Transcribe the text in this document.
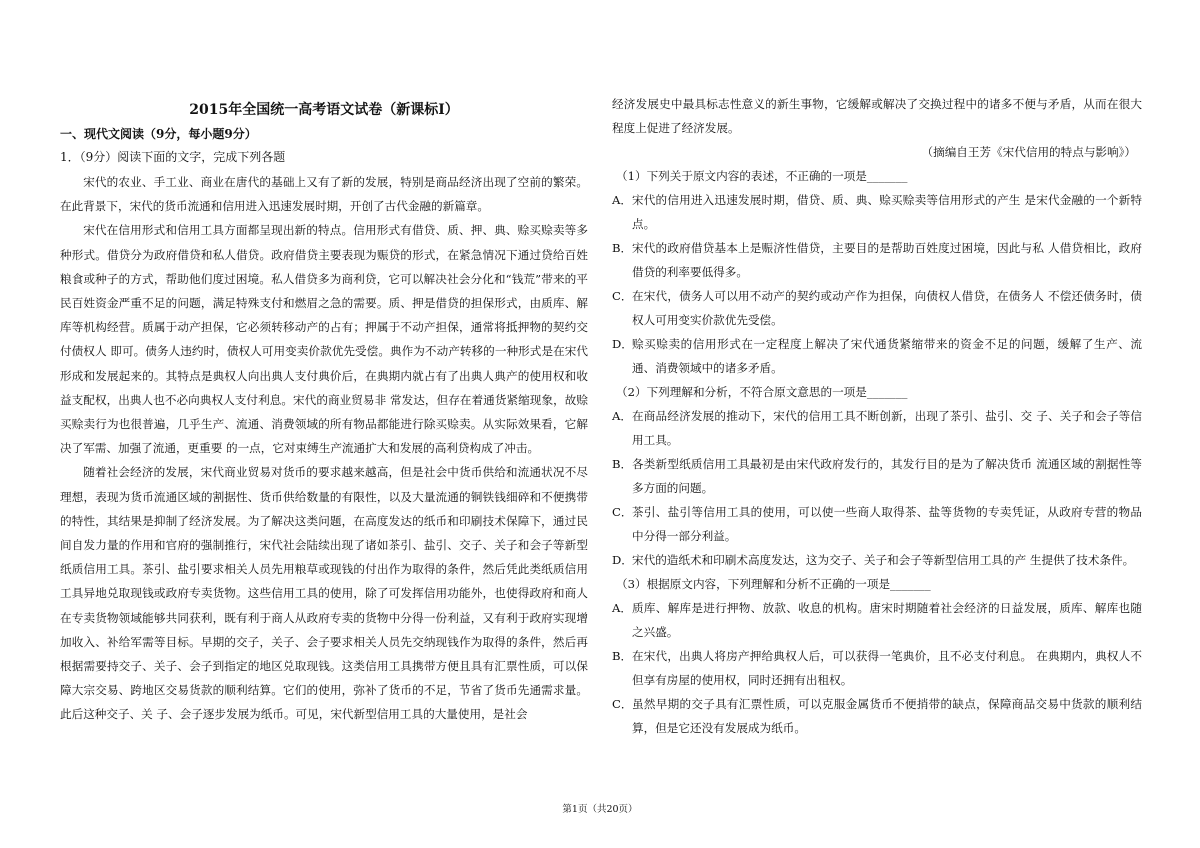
2015年全国统一高考语文试卷（新课标I）
一、现代文阅读（9分，每小题9分）
1．（9分）阅读下面的文字，完成下列各题

宋代的农业、手工业、商业在唐代的基础上又有了新的发展，特别是商品经济出现了空前的繁荣。在此背景下，宋代的货币流通和信用进入迅速发展时期，开创了古代金融的新篇章。

宋代在信用形式和信用工具方面都呈现出新的特点。信用形式有借贷、质、押、典、赊买赊卖等多种形式。借贷分为政府借贷和私人借贷。政府借贷主要表现为赈贷的形式，在紧急情况下通过贷给百姓粮食或种子的方式，帮助他们度过困境。私人借贷多为商利贷，它可以解决社会分化和“钱荒”带来的平民百姓资金严重不足的问题，满足特殊支付和燃眉之急的需要。质、押是借贷的担保形式，由质库、解库等机构经营。质属于动产担保，它必须转移动产的占有；押属于不动产担保，通常将抵押物的契约交付债权人 即可。债务人违约时，债权人可用变卖价款优先受偿。典作为不动产转移的一种形式是在宋代形成和发展起来的。其特点是典权人向出典人支付典价后，在典期内就占有了出典人典产的使用权和收益支配权，出典人也不必向典权人支付利息。宋代的商业贸易非 常发达，但存在着通货紧缩现象，故赊买赊卖行为也很普遍，几乎生产、流通、消费领域的所有物品都能进行除买赊卖。从实际效果看，它解决了军需、加强了流通，更重要 的一点，它对束缚生产流通扩大和发展的高利贷构成了冲击。

随着社会经济的发展，宋代商业贸易对货币的要求越来越高，但是社会中货币供给和流通状况不尽理想，表现为货币流通区域的割据性、货币供给数量的有限性，以及大量流通的铜铁钱细碎和不便携带的特性，其结果是抑制了经济发展。为了解决这类问题，在高度发达的纸币和印刷技术保障下，通过民间自发力量的作用和官府的强制推行，宋代社会陆续出现了诸如茶引、盐引、交子、关子和会子等新型纸质信用工具。茶引、盐引要求相关人员先用粮草或现钱的付出作为取得的条件，然后凭此类纸质信用工具异地兑取现钱或政府专卖货物。这些信用工具的使用，除了可发挥信用功能外，也使得政府和商人在专卖货物领域能够共同获利，既有利于商人从政府专卖的货物中分得一份利益，又有利于政府实现增加收入、补给军需等目标。早期的交子，关子、会子要求相关人员先交纳现钱作为取得的条件，然后再根据需要持交子、关子、会子到指定的地区兑取现钱。这类信用工具携带方便且具有汇票性质，可以保障大宗交易、跨地区交易货款的顺利结算。它们的使用，弥补了货币的不足，节省了货币先通需求量。此后这种交子、关 子、会子逐步发展为纸币。可见，宋代新型信用工具的大量使用，是社会

经济发展史中最具标志性意义的新生事物，它缓解或解决了交换过程中的诸多不便与矛盾，从而在很大程度上促进了经济发展。

（摘编自王芳《宋代信用的特点与影响》）

（1）下列关于原文内容的表述，不正确的一项是_______

A． 宋代的信用进入迅速发展时期，借贷、质、典、赊买赊卖等信用形式的产生 是宋代金融的一个新特点。
B． 宋代的政府借贷基本上是赈济性借贷，主要目的是帮助百姓度过困境，因此与私 人借贷相比，政府借贷的利率要低得多。
C． 在宋代，债务人可以用不动产的契约或动产作为担保，向债权人借贷，在债务人 不偿还债务时，债权人可用变实价款优先受偿。
D． 赊买赊卖的信用形式在一定程度上解决了宋代通货紧缩带来的资金不足的问题，缓解了生产、流通、消费领域中的诸多矛盾。

（2）下列理解和分析，不符合原文意思的一项是_______

A． 在商品经济发展的推动下，宋代的信用工具不断创新，出现了茶引、盐引、交 子、关子和会子等信用工具。
B． 各类新型纸质信用工具最初是由宋代政府发行的，其发行目的是为了解决货币 流通区域的割据性等多方面的问题。
C． 茶引、盐引等信用工具的使用，可以使一些商人取得茶、盐等货物的专卖凭证，从政府专营的物品中分得一部分利益。
D． 宋代的造纸术和印刷术高度发达，这为交子、关子和会子等新型信用工具的产 生提供了技术条件。

（3）根据原文内容，下列理解和分析不正确的一项是_______

A． 质库、解库是进行押物、放款、收息的机构。唐宋时期随着社会经济的日益发展，质库、解库也随之兴盛。
B． 在宋代，出典人将房产押给典权人后，可以获得一笔典价，且不必支付利息。 在典期内，典权人不但享有房屋的使用权，同时还拥有出租权。
C． 虽然早期的交子具有汇票性质，可以克服金属货币不便捎带的缺点，保障商品交易中货款的顺利结算，但是它还没有发展成为纸币。
第1页（共20页）
